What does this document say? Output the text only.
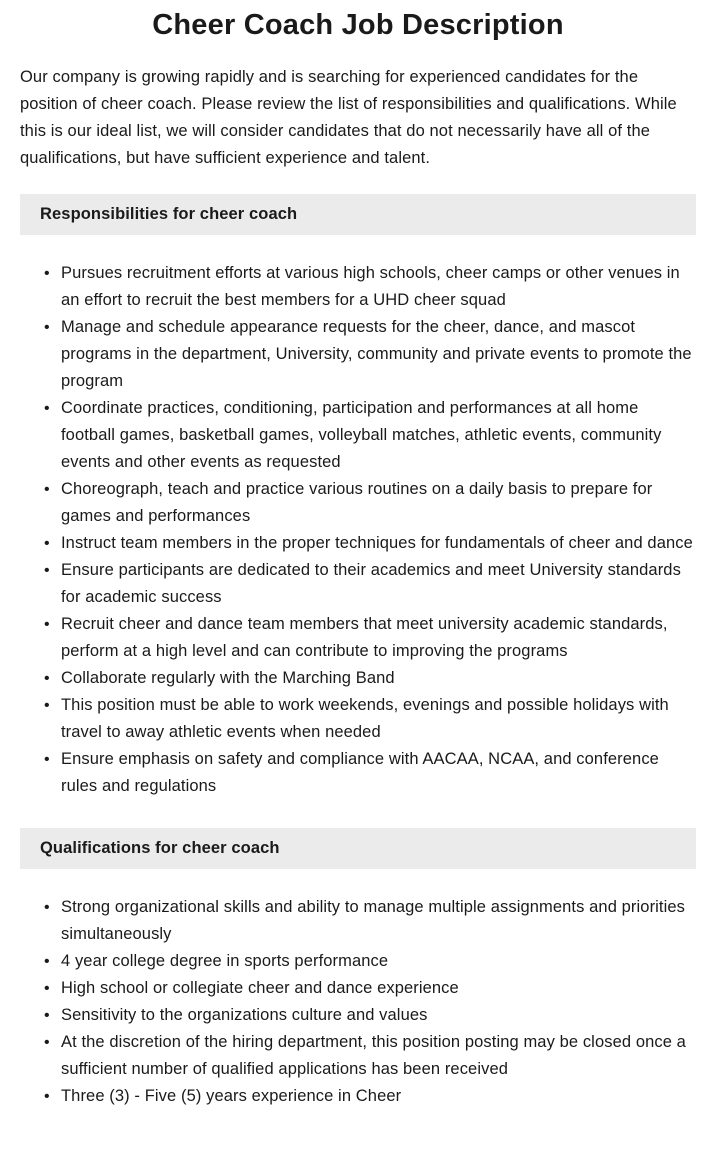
Cheer Coach Job Description

Our company is growing rapidly and is searching for experienced candidates for the position of cheer coach. Please review the list of responsibilities and qualifications. While this is our ideal list, we will consider candidates that do not necessarily have all of the qualifications, but have sufficient experience and talent.

Responsibilities for cheer coach
• Pursues recruitment efforts at various high schools, cheer camps or other venues in an effort to recruit the best members for a UHD cheer squad
• Manage and schedule appearance requests for the cheer, dance, and mascot programs in the department, University, community and private events to promote the program
• Coordinate practices, conditioning, participation and performances at all home football games, basketball games, volleyball matches, athletic events, community events and other events as requested
• Choreograph, teach and practice various routines on a daily basis to prepare for games and performances
• Instruct team members in the proper techniques for fundamentals of cheer and dance
• Ensure participants are dedicated to their academics and meet University standards for academic success
• Recruit cheer and dance team members that meet university academic standards, perform at a high level and can contribute to improving the programs
• Collaborate regularly with the Marching Band
• This position must be able to work weekends, evenings and possible holidays with travel to away athletic events when needed
• Ensure emphasis on safety and compliance with AACAA, NCAA, and conference rules and regulations
Qualifications for cheer coach
• Strong organizational skills and ability to manage multiple assignments and priorities simultaneously
• 4 year college degree in sports performance
• High school or collegiate cheer and dance experience
• Sensitivity to the organizations culture and values
• At the discretion of the hiring department, this position posting may be closed once a sufficient number of qualified applications has been received
• Three (3) - Five (5) years experience in Cheer
